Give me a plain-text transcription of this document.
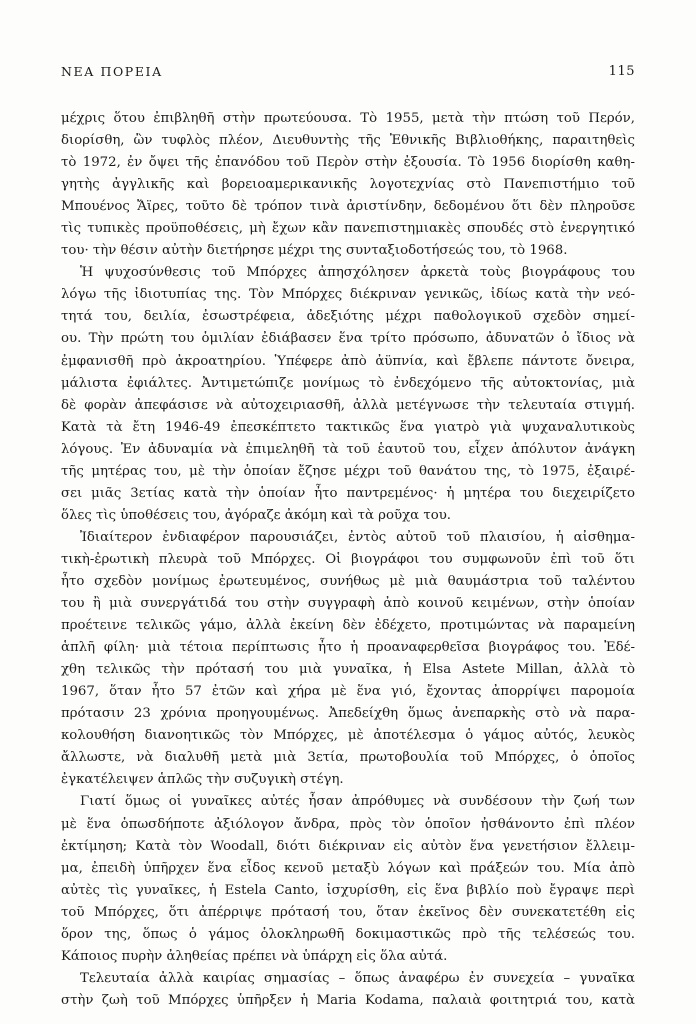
ΝΕΑ ΠΟΡΕΙΑ	115
μέχρις ὅτου ἐπιβληθῆ στὴν πρωτεύουσα. Τὸ 1955, μετὰ τὴν πτώση τοῦ Περόν,
διορίσθη, ὢν τυφλὸς πλέον, Διευθυντὴς τῆς Ἐθνικῆς Βιβλιοθήκης, παραιτηθεὶς
τὸ 1972, ἐν ὄψει τῆς ἐπανόδου τοῦ Περὸν στὴν ἐξουσία. Τὸ 1956 διορίσθη καθη-
γητὴς ἀγγλικῆς καὶ βορειοαμερικανικῆς λογοτεχνίας στὸ Πανεπιστήμιο τοῦ
Μπουένος Ἄϊρες, τοῦτο δὲ τρόπον τινὰ ἀριστίνδην, δεδομένου ὅτι δὲν πληροῦσε
τὶς τυπικὲς προϋποθέσεις, μὴ ἔχων κἂν πανεπιστημιακὲς σπουδές στὸ ἐνεργητικό
του· τὴν θέσιν αὐτὴν διετήρησε μέχρι της συνταξιοδοτήσεώς του, τὸ 1968.
Ἡ ψυχοσύνθεσις τοῦ Μπόρχες ἀπησχόλησεν ἀρκετὰ τοὺς βιογράφους του
λόγω τῆς ἰδιοτυπίας της. Τὸν Μπόρχες διέκριναν γενικῶς, ἰδίως κατὰ τὴν νεό-
τητά του, δειλία, ἐσωστρέφεια, ἀδεξιότης μέχρι παθολογικοῦ σχεδὸν σημεί-
ου. Τὴν πρώτη του ὁμιλίαν ἐδιάβασεν ἕνα τρίτο πρόσωπο, ἀδυνατῶν ὁ ἴδιος νὰ
ἐμφανισθῆ πρὸ ἀκροατηρίου. Ὑπέφερε ἀπὸ ἀϋπνία, καὶ ἔβλεπε πάντοτε ὄνειρα,
μάλιστα ἐφιάλτες. Ἀντιμετώπιζε μονίμως τὸ ἐνδεχόμενο τῆς αὐτοκτονίας, μιὰ
δὲ φορὰν ἀπεφάσισε νὰ αὐτοχειριασθῆ, ἀλλὰ μετέγνωσε τὴν τελευταία στιγμή.
Κατὰ τὰ ἔτη 1946-49 ἐπεσκέπτετο τακτικῶς ἕνα γιατρὸ γιὰ ψυχαναλυτικοὺς
λόγους. Ἐν ἀδυναμία νὰ ἐπιμεληθῆ τὰ τοῦ ἑαυτοῦ του, εἶχεν ἀπόλυτον ἀνάγκη
τῆς μητέρας του, μὲ τὴν ὁποίαν ἔζησε μέχρι τοῦ θανάτου της, τὸ 1975, ἐξαιρέ-
σει μιᾶς 3ετίας κατὰ τὴν ὁποίαν ἦτο παντρεμένος· ἡ μητέρα του διεχειρίζετο
ὅλες τὶς ὑποθέσεις του, ἀγόραζε ἀκόμη καὶ τὰ ροῦχα του.
Ἰδιαίτερον ἐνδιαφέρον παρουσιάζει, ἐντὸς αὐτοῦ τοῦ πλαισίου, ἡ αἰσθημα-
τικὴ-ἐρωτικὴ πλευρὰ τοῦ Μπόρχες. Οἱ βιογράφοι του συμφωνοῦν ἐπὶ τοῦ ὅτι
ἦτο σχεδὸν μονίμως ἐρωτευμένος, συνήθως μὲ μιὰ θαυμάστρια τοῦ ταλέντου
του ἢ μιὰ συνεργάτιδά του στὴν συγγραφὴ ἀπὸ κοινοῦ κειμένων, στὴν ὁποίαν
προέτεινε τελικῶς γάμο, ἀλλὰ ἐκείνη δὲν ἐδέχετο, προτιμώντας νὰ παραμείνη
ἁπλῆ φίλη· μιὰ τέτοια περίπτωσις ἦτο ἡ προαναφερθεῖσα βιογράφος του. Ἐδέ-
χθη τελικῶς τὴν πρότασή του μιὰ γυναῖκα, ἡ Elsa Astete Millan, ἀλλὰ τὸ
1967, ὅταν ἦτο 57 ἐτῶν καὶ χήρα μὲ ἕνα γιό, ἔχοντας ἀπορρίψει παρομοία
πρότασιν 23 χρόνια προηγουμένως. Ἀπεδείχθη ὅμως ἀνεπαρκὴς στὸ νὰ παρα-
κολουθήση διανοητικῶς τὸν Μπόρχες, μὲ ἀποτέλεσμα ὁ γάμος αὐτός, λευκὸς
ἄλλωστε, νὰ διαλυθῆ μετὰ μιὰ 3ετία, πρωτοβουλία τοῦ Μπόρχες, ὁ ὁποῖος
ἐγκατέλειψεν ἁπλῶς τὴν συζυγικὴ στέγη.
Γιατί ὅμως οἱ γυναῖκες αὐτές ἦσαν ἀπρόθυμες νὰ συνδέσουν τὴν ζωή των
μὲ ἕνα ὁπωσδήποτε ἀξιόλογον ἄνδρα, πρὸς τὸν ὁποῖον ἠσθάνοντο ἐπὶ πλέον
ἐκτίμηση; Κατὰ τὸν Woodall, διότι διέκριναν εἰς αὐτὸν ἕνα γενετήσιον ἔλλειμ-
μα, ἐπειδὴ ὑπῆρχεν ἕνα εἶδος κενοῦ μεταξὺ λόγων καὶ πράξεών του. Μία ἀπὸ
αὐτὲς τὶς γυναῖκες, ἡ Estela Canto, ἰσχυρίσθη, εἰς ἕνα βιβλίο ποὺ ἔγραψε περὶ
τοῦ Μπόρχες, ὅτι ἀπέρριψε πρότασή του, ὅταν ἐκεῖνος δὲν συνεκατετέθη εἰς
ὅρον της, ὅπως ὁ γάμος ὁλοκληρωθῆ δοκιμαστικῶς πρὸ τῆς τελέσεώς του.
Κάποιος πυρὴν ἀληθείας πρέπει νὰ ὑπάρχη εἰς ὅλα αὐτά.
Τελευταία ἀλλὰ καιρίας σημασίας – ὅπως ἀναφέρω ἐν συνεχεία – γυναῖκα
στὴν ζωὴ τοῦ Μπόρχες ὑπῆρξεν ἡ Maria Kodama, παλαιὰ φοιτητριά του, κατὰ
